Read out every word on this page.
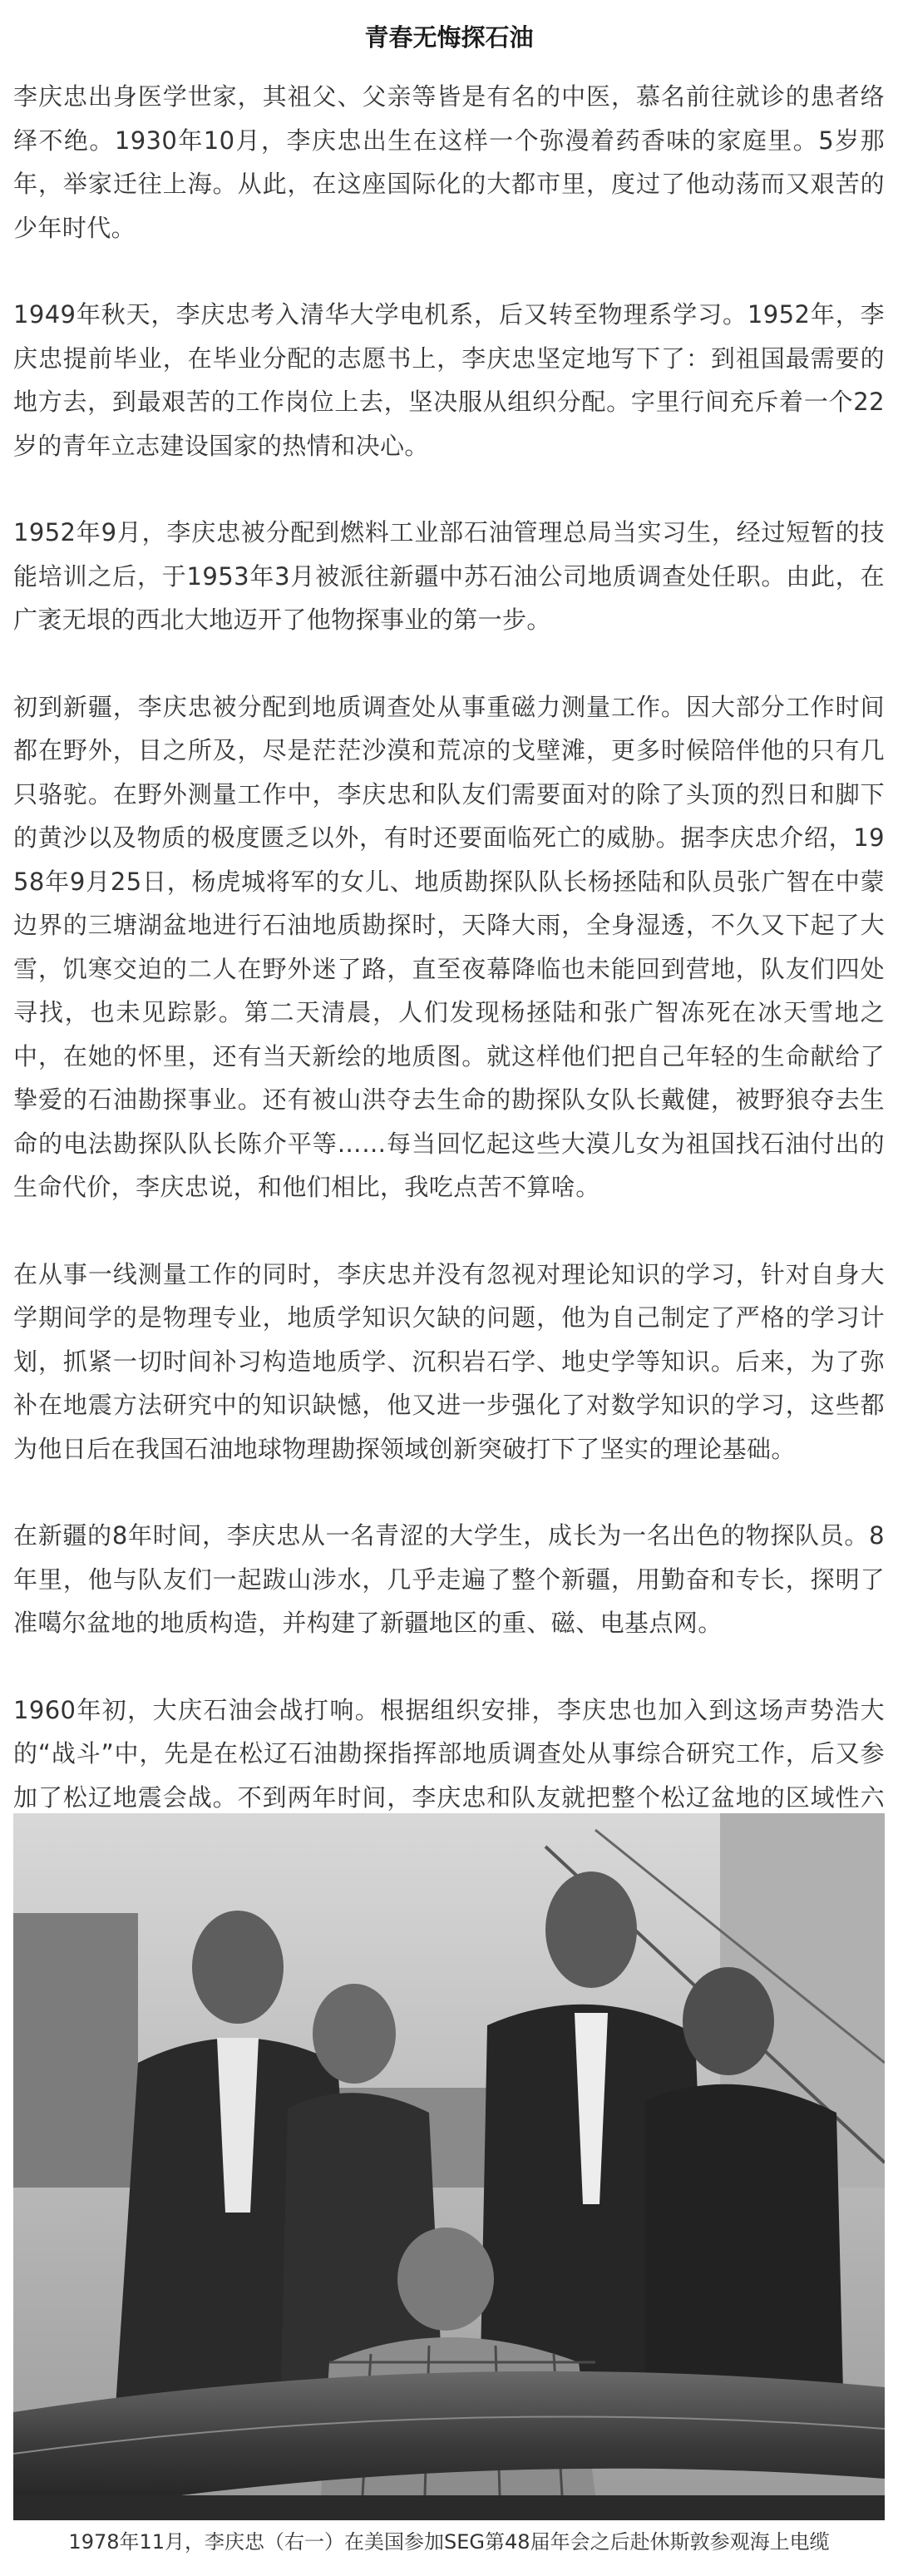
青春无悔探石油

李庆忠出身医学世家，其祖父、父亲等皆是有名的中医，慕名前往就诊的患者络绎不绝。1930年10月，李庆忠出生在这样一个弥漫着药香味的家庭里。5岁那年，举家迁往上海。从此，在这座国际化的大都市里，度过了他动荡而又艰苦的少年时代。

1949年秋天，李庆忠考入清华大学电机系，后又转至物理系学习。1952年，李庆忠提前毕业，在毕业分配的志愿书上，李庆忠坚定地写下了：到祖国最需要的地方去，到最艰苦的工作岗位上去，坚决服从组织分配。字里行间充斥着一个22岁的青年立志建设国家的热情和决心。

1952年9月，李庆忠被分配到燃料工业部石油管理总局当实习生，经过短暂的技能培训之后，于1953年3月被派往新疆中苏石油公司地质调查处任职。由此，在广袤无垠的西北大地迈开了他物探事业的第一步。

初到新疆，李庆忠被分配到地质调查处从事重磁力测量工作。因大部分工作时间都在野外，目之所及，尽是茫茫沙漠和荒凉的戈壁滩，更多时候陪伴他的只有几只骆驼。在野外测量工作中，李庆忠和队友们需要面对的除了头顶的烈日和脚下的黄沙以及物质的极度匮乏以外，有时还要面临死亡的威胁。据李庆忠介绍，1958年9月25日，杨虎城将军的女儿、地质勘探队队长杨拯陆和队员张广智在中蒙边界的三塘湖盆地进行石油地质勘探时，天降大雨，全身湿透，不久又下起了大雪，饥寒交迫的二人在野外迷了路，直至夜幕降临也未能回到营地，队友们四处寻找，也未见踪影。第二天清晨，人们发现杨拯陆和张广智冻死在冰天雪地之中，在她的怀里，还有当天新绘的地质图。就这样他们把自己年轻的生命献给了挚爱的石油勘探事业。还有被山洪夺去生命的勘探队女队长戴健，被野狼夺去生命的电法勘探队队长陈介平等……每当回忆起这些大漠儿女为祖国找石油付出的生命代价，李庆忠说，和他们相比，我吃点苦不算啥。

在从事一线测量工作的同时，李庆忠并没有忽视对理论知识的学习，针对自身大学期间学的是物理专业，地质学知识欠缺的问题，他为自己制定了严格的学习计划，抓紧一切时间补习构造地质学、沉积岩石学、地史学等知识。后来，为了弥补在地震方法研究中的知识缺憾，他又进一步强化了对数学知识的学习，这些都为他日后在我国石油地球物理勘探领域创新突破打下了坚实的理论基础。

在新疆的8年时间，李庆忠从一名青涩的大学生，成长为一名出色的物探队员。8年里，他与队友们一起跋山涉水，几乎走遍了整个新疆，用勤奋和专长，探明了准噶尔盆地的地质构造，并构建了新疆地区的重、磁、电基点网。

1960年初，大庆石油会战打响。根据组织安排，李庆忠也加入到这场声势浩大的“战斗”中，先是在松辽石油勘探指挥部地质调查处从事综合研究工作，后又参加了松辽地震会战。不到两年时间，李庆忠和队友就把整个松辽盆地的区域性六

1978年11月，李庆忠（右一）在美国参加SEG第48届年会之后赴休斯敦参观海上电缆
